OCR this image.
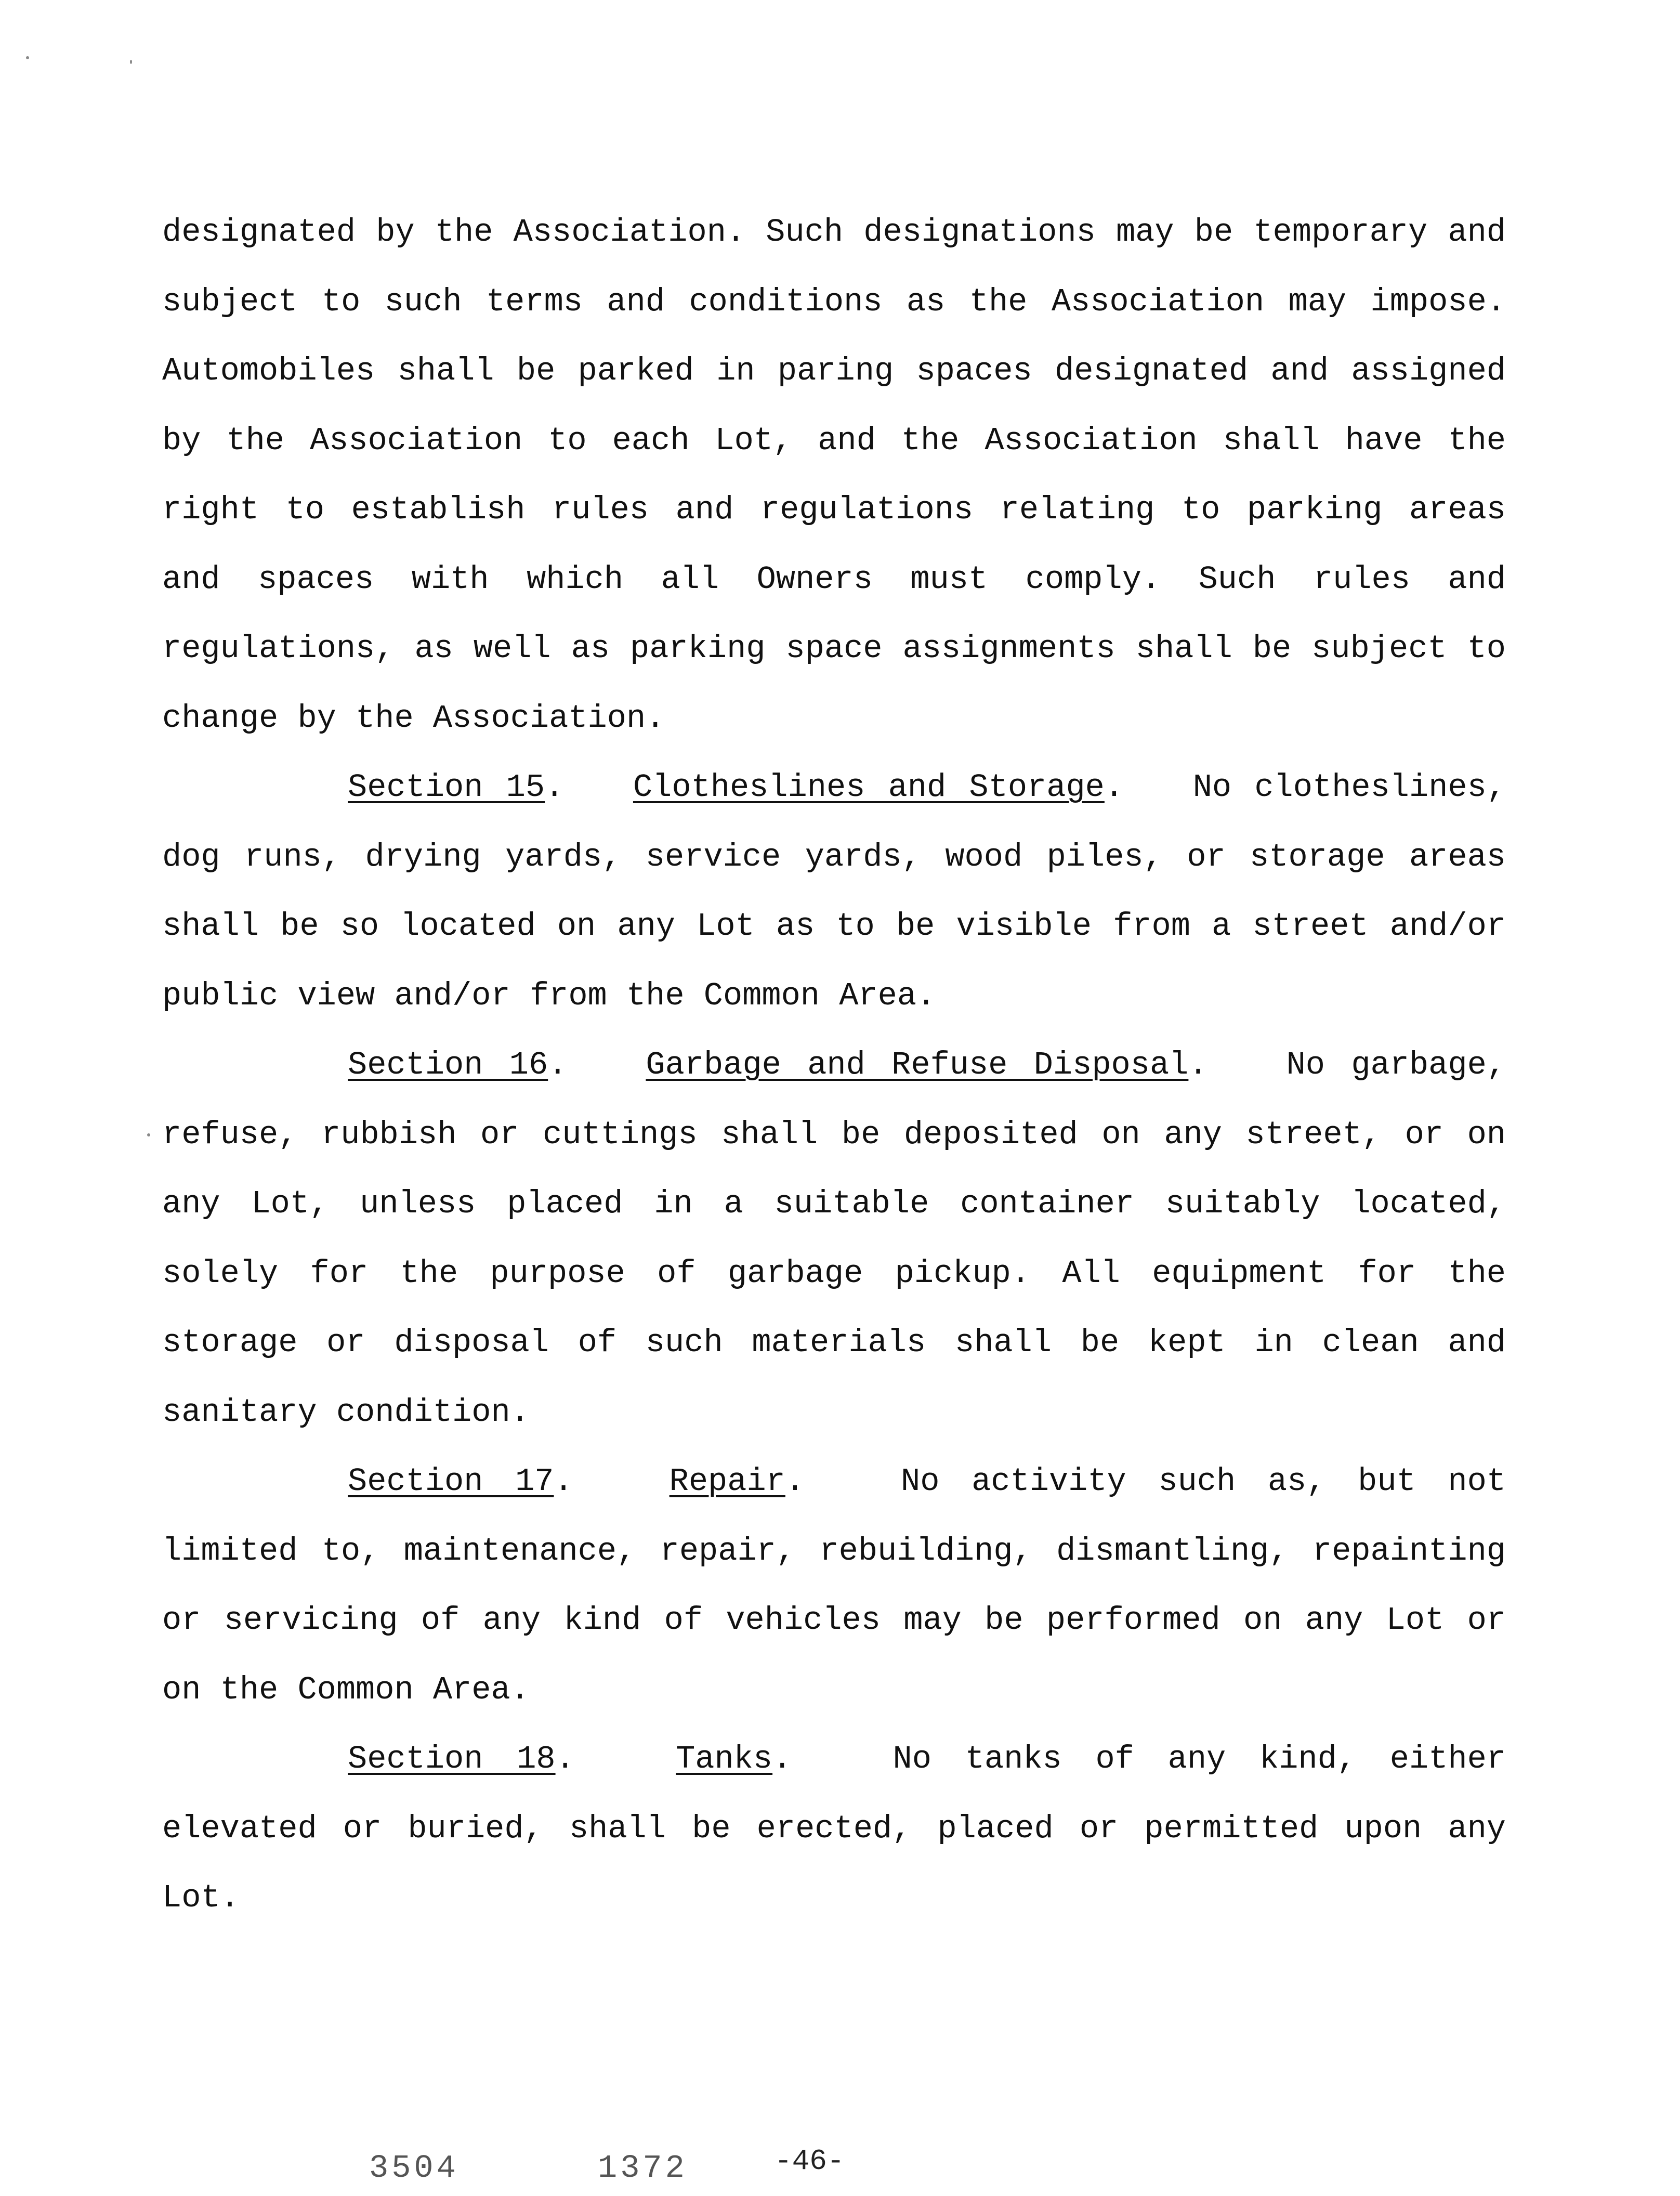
designated by the Association. Such designations may be temporary and subject to such terms and conditions as the Association may impose. Automobiles shall be parked in paring spaces designated and assigned by the Association to each Lot, and the Association shall have the right to establish rules and regulations relating to parking areas and spaces with which all Owners must comply. Such rules and regulations, as well as parking space assignments shall be subject to change by the Association.

Section 15.   Clotheslines and Storage.   No clotheslines, dog runs, drying yards, service yards, wood piles, or storage areas shall be so located on any Lot as to be visible from a street and/or public view and/or from the Common Area.

Section 16.   Garbage and Refuse Disposal.   No garbage, refuse, rubbish or cuttings shall be deposited on any street, or on any Lot, unless placed in a suitable container suitably located, solely for the purpose of garbage pickup. All equipment for the storage or disposal of such materials shall be kept in clean and sanitary condition.

Section 17.   Repair.   No activity such as, but not limited to, maintenance, repair, rebuilding, dismantling, repainting or servicing of any kind of vehicles may be performed on any Lot or on the Common Area.

Section 18.   Tanks.   No tanks of any kind, either elevated or buried, shall be erected, placed or permitted upon any Lot.

3504	1372	-46-
